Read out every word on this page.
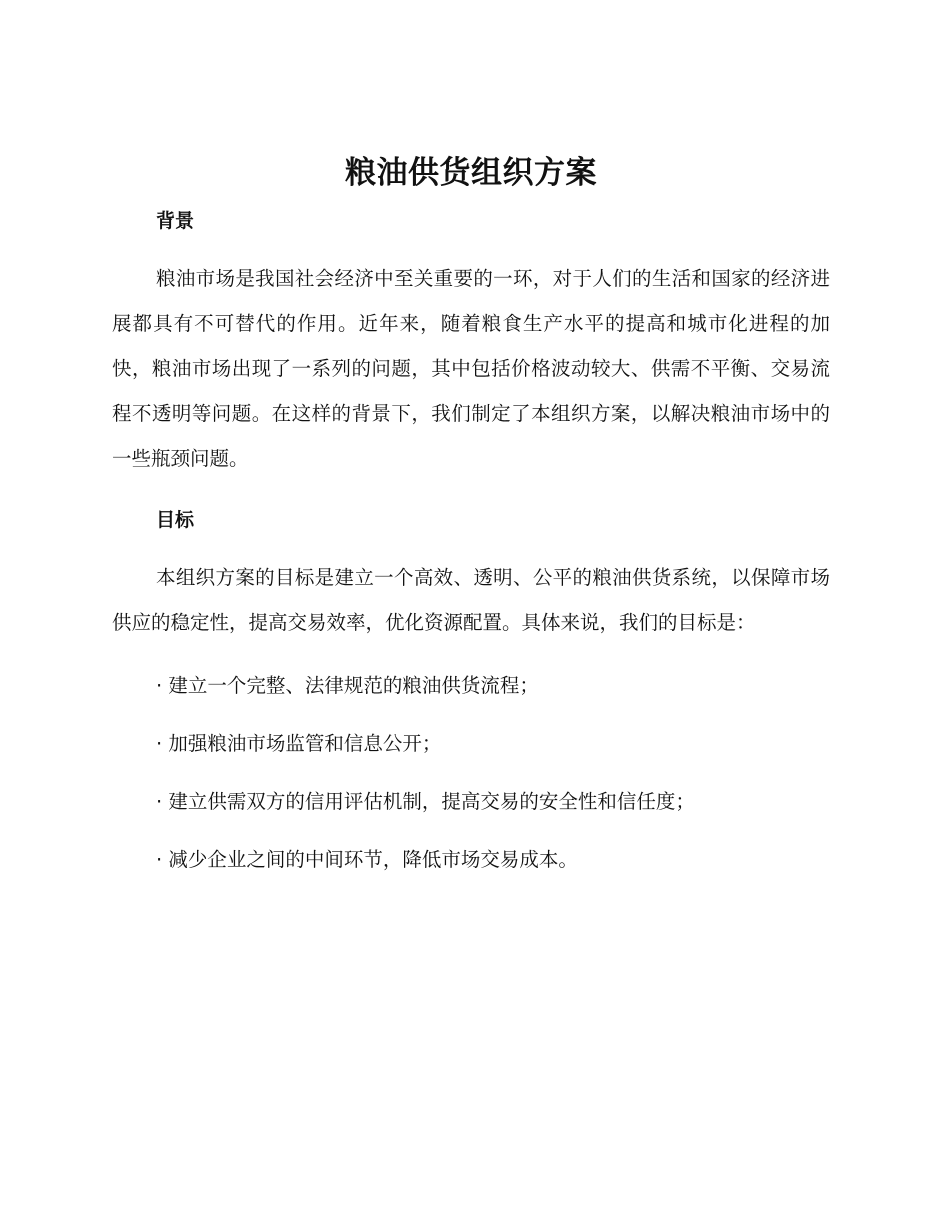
粮油供货组织方案
背景

粮油市场是我国社会经济中至关重要的一环，对于人们的生活和国家的经济进展都具有不可替代的作用。近年来，随着粮食生产水平的提高和城市化进程的加快，粮油市场出现了一系列的问题，其中包括价格波动较大、供需不平衡、交易流程不透明等问题。在这样的背景下，我们制定了本组织方案，以解决粮油市场中的一些瓶颈问题。

目标

本组织方案的目标是建立一个高效、透明、公平的粮油供货系统，以保障市场供应的稳定性，提高交易效率，优化资源配置。具体来说，我们的目标是：

· 建立一个完整、法律规范的粮油供货流程；

· 加强粮油市场监管和信息公开；

· 建立供需双方的信用评估机制，提高交易的安全性和信任度；

· 减少企业之间的中间环节，降低市场交易成本。
